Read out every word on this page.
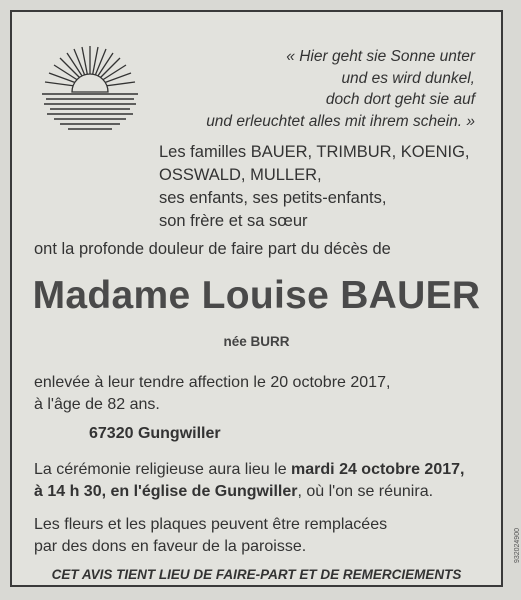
« Hier geht sie Sonne unter
und es wird dunkel,
doch dort geht sie auf
und erleuchtet alles mit ihrem schein. »
Les familles BAUER, TRIMBUR, KOENIG,
OSSWALD, MULLER,
ses enfants, ses petits-enfants,
son frère et sa sœur
ont la profonde douleur de faire part du décès de
Madame Louise BAUER
née BURR
enlevée à leur tendre affection le 20 octobre 2017,
à l'âge de 82 ans.
67320 Gungwiller
La cérémonie religieuse aura lieu le mardi 24 octobre 2017,
à 14 h 30, en l'église de Gungwiller, où l'on se réunira.
Les fleurs et les plaques peuvent être remplacées
par des dons en faveur de la paroisse.
CET AVIS TIENT LIEU DE FAIRE-PART ET DE REMERCIEMENTS
932024900
